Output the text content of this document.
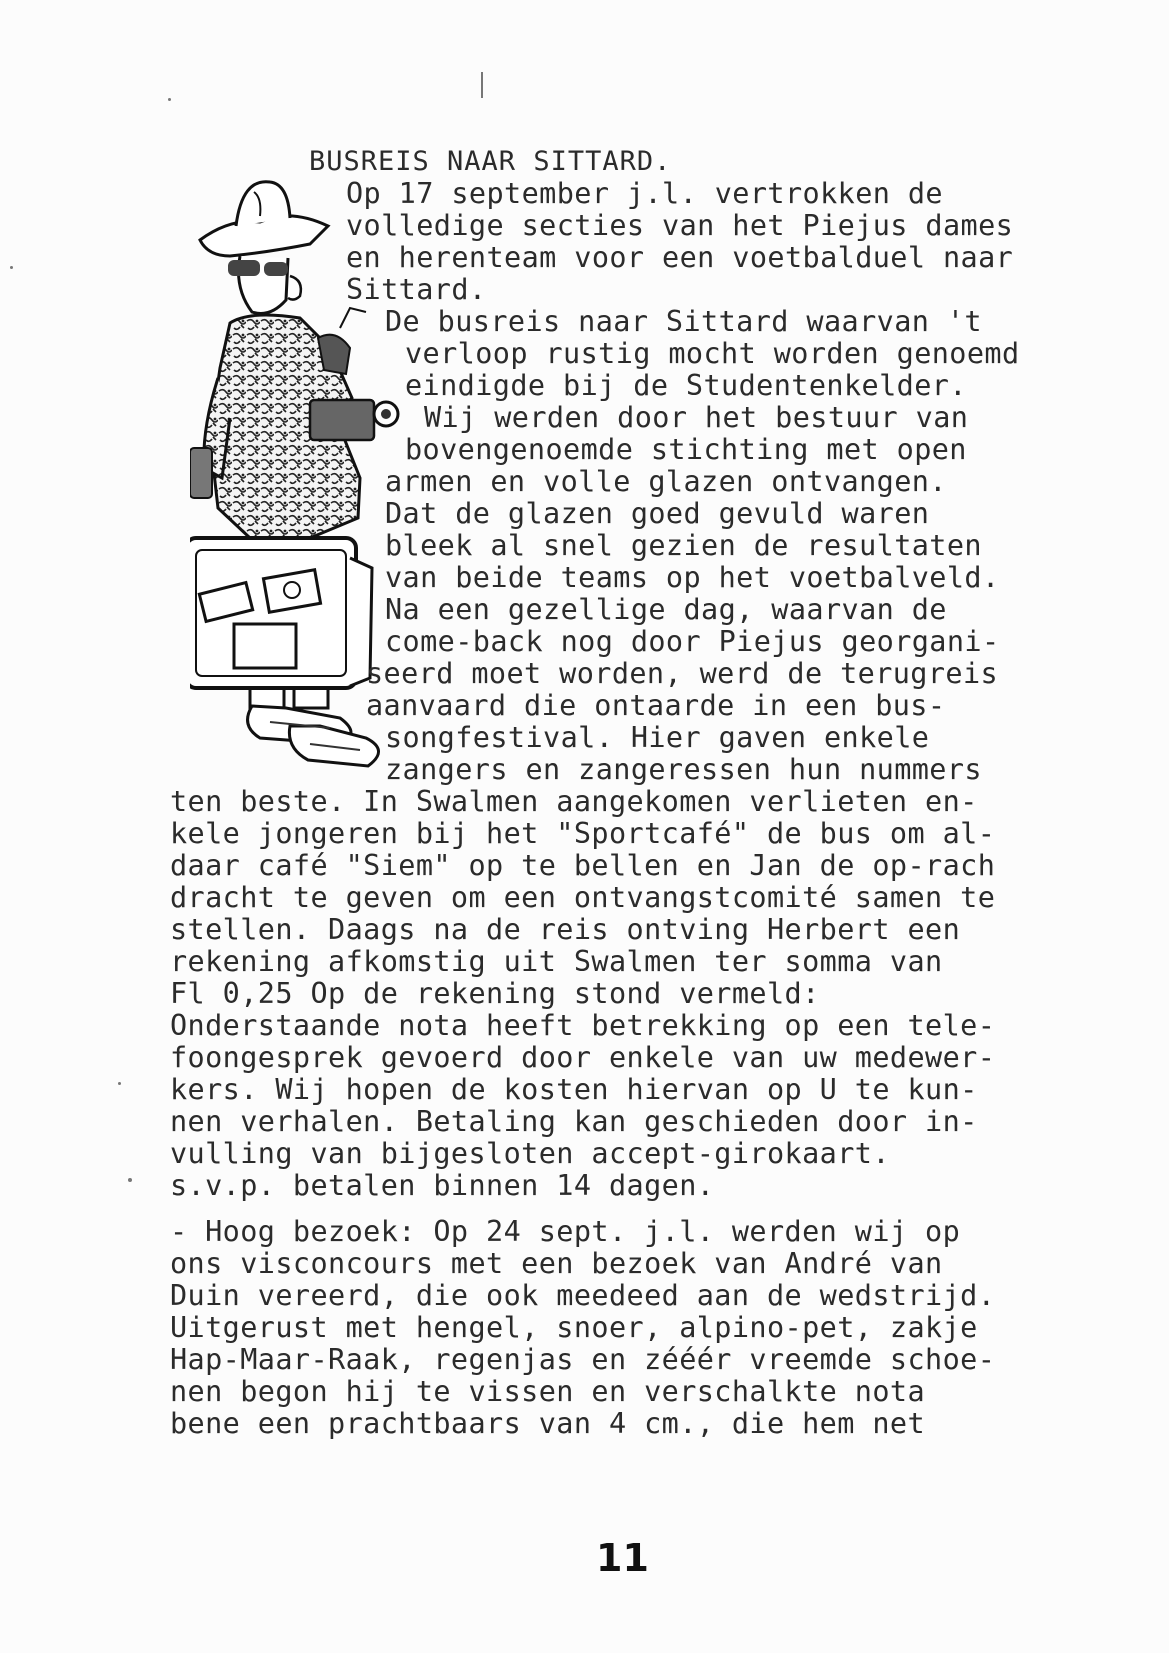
BUSREIS NAAR SITTARD.
Op 17 september j.l. vertrokken de
volledige secties van het Piejus dames
en herenteam voor een voetbalduel naar
Sittard.
De busreis naar Sittard waarvan 't
verloop rustig mocht worden genoemd
eindigde bij de Studentenkelder.
Wij werden door het bestuur van
bovengenoemde stichting met open
armen en volle glazen ontvangen.
Dat de glazen goed gevuld waren
bleek al snel gezien de resultaten
van beide teams op het voetbalveld.
Na een gezellige dag, waarvan de
come-back nog door Piejus georgani-
seerd moet worden, werd de terugreis
aanvaard die ontaarde in een bus-
songfestival. Hier gaven enkele
zangers en zangeressen hun nummers
ten beste. In Swalmen aangekomen verlieten en-
kele jongeren bij het "Sportcafé" de bus om al-
daar café "Siem" op te bellen en Jan de op-rach
dracht te geven om een ontvangstcomité samen te
stellen. Daags na de reis ontving Herbert een
rekening afkomstig uit Swalmen ter somma van
Fl 0,25 Op de rekening stond vermeld:
Onderstaande nota heeft betrekking op een tele-
foongesprek gevoerd door enkele van uw medewer-
kers. Wij hopen de kosten hiervan op U te kun-
nen verhalen. Betaling kan geschieden door in-
vulling van bijgesloten accept-girokaart.
s.v.p. betalen binnen 14 dagen.
- Hoog bezoek: Op 24 sept. j.l. werden wij op
ons visconcours met een bezoek van André van
Duin vereerd, die ook meedeed aan de wedstrijd.
Uitgerust met hengel, snoer, alpino-pet, zakje
Hap-Maar-Raak, regenjas en zééér vreemde schoe-
nen begon hij te vissen en verschalkte nota
bene een prachtbaars van 4 cm., die hem net
11
